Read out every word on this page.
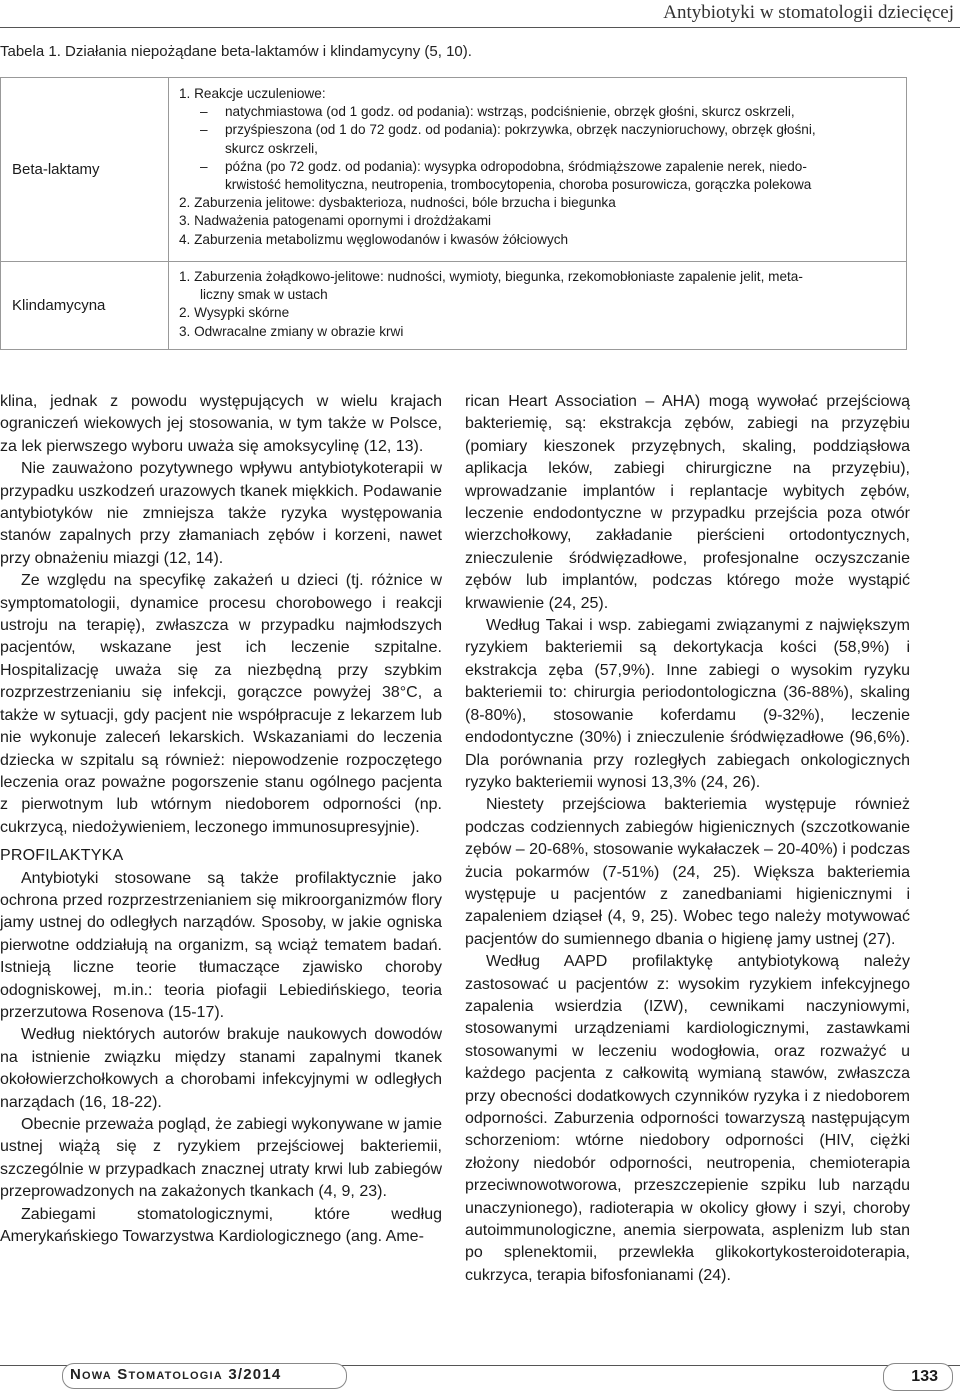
Antybiotyki w stomatologii dziecięcej
Tabela 1. Działania niepożądane beta-laktamów i klindamycyny (5, 10).
Beta-laktamy
1. Reakcje uczuleniowe:
– natychmiastowa (od 1 godz. od podania): wstrząs, podciśnienie, obrzęk głośni, skurcz oskrzeli,
– przyśpieszona (od 1 do 72 godz. od podania): pokrzywka, obrzęk naczynioruchowy, obrzęk głośni,
skurcz oskrzeli,
– późna (po 72 godz. od podania): wysypka odropodobna, śródmiąższowe zapalenie nerek, niedo-
krwistość hemolityczna, neutropenia, trombocytopenia, choroba posurowicza, gorączka polekowa
2. Zaburzenia jelitowe: dysbakterioza, nudności, bóle brzucha i biegunka
3. Nadważenia patogenami opornymi i drożdżakami
4. Zaburzenia metabolizmu węglowodanów i kwasów żółciowych
Klindamycyna
1. Zaburzenia żołądkowo-jelitowe: nudności, wymioty, biegunka, rzekomobłoniaste zapalenie jelit, meta-
liczny smak w ustach
2. Wysypki skórne
3. Odwracalne zmiany w obrazie krwi

klina, jednak z powodu występujących w wielu krajach ograniczeń wiekowych jej stosowania, w tym także w Polsce, za lek pierwszego wyboru uważa się amoksycylinę (12, 13).

Nie zauważono pozytywnego wpływu antybiotykoterapii w przypadku uszkodzeń urazowych tkanek miękkich. Podawanie antybiotyków nie zmniejsza także ryzyka występowania stanów zapalnych przy złamaniach zębów i korzeni, nawet przy obnażeniu miazgi (12, 14).

Ze względu na specyfikę zakażeń u dzieci (tj. różnice w symptomatologii, dynamice procesu chorobowego i reakcji ustroju na terapię), zwłaszcza w przypadku najmłodszych pacjentów, wskazane jest ich leczenie szpitalne. Hospitalizację uważa się za niezbędną przy szybkim rozprzestrzenianiu się infekcji, gorączce powyżej 38°C, a także w sytuacji, gdy pacjent nie współpracuje z lekarzem lub nie wykonuje zaleceń lekarskich. Wskazaniami do leczenia dziecka w szpitalu są również: niepowodzenie rozpoczętego leczenia oraz poważne pogorszenie stanu ogólnego pacjenta z pierwotnym lub wtórnym niedoborem odporności (np. cukrzycą, niedożywieniem, leczonego immunosupresyjnie).

PROFILAKTYKA

Antybiotyki stosowane są także profilaktycznie jako ochrona przed rozprzestrzenianiem się mikroorganizmów flory jamy ustnej do odległych narządów. Sposoby, w jakie ogniska pierwotne oddziałują na organizm, są wciąż tematem badań. Istnieją liczne teorie tłumaczące zjawisko choroby odogniskowej, m.in.: teoria piofagii Lebiedińskiego, teoria przerzutowa Rosenova (15-17).

Według niektórych autorów brakuje naukowych dowodów na istnienie związku między stanami zapalnymi tkanek okołowierzchołkowych a chorobami infekcyjnymi w odległych narządach (16, 18-22).

Obecnie przeważa pogląd, że zabiegi wykonywane w jamie ustnej wiążą się z ryzykiem przejściowej bakteriemii, szczególnie w przypadkach znacznej utraty krwi lub zabiegów przeprowadzonych na zakażonych tkankach (4, 9, 23).

Zabiegami stomatologicznymi, które według Amerykańskiego Towarzystwa Kardiologicznego (ang. Ame-

rican Heart Association – AHA) mogą wywołać przejściową bakteriemię, są: ekstrakcja zębów, zabiegi na przyzębiu (pomiary kieszonek przyzębnych, skaling, poddziąsłowa aplikacja leków, zabiegi chirurgiczne na przyzębiu), wprowadzanie implantów i replantacje wybitych zębów, leczenie endodontyczne w przypadku przejścia poza otwór wierzchołkowy, zakładanie pierścieni ortodontycznych, znieczulenie śródwięzadłowe, profesjonalne oczyszczanie zębów lub implantów, podczas którego może wystąpić krwawienie (24, 25).

Według Takai i wsp. zabiegami związanymi z największym ryzykiem bakteriemii są dekortykacja kości (58,9%) i ekstrakcja zęba (57,9%). Inne zabiegi o wysokim ryzyku bakteriemii to: chirurgia periodontologiczna (36-88%), skaling (8-80%), stosowanie koferdamu (9-32%), leczenie endodontyczne (30%) i znieczulenie śródwięzadłowe (96,6%). Dla porównania przy rozległych zabiegach onkologicznych ryzyko bakteriemii wynosi 13,3% (24, 26).

Niestety przejściowa bakteriemia występuje również podczas codziennych zabiegów higienicznych (szczotkowanie zębów – 20-68%, stosowanie wykałaczek – 20-40%) i podczas żucia pokarmów (7-51%) (24, 25). Większa bakteriemia występuje u pacjentów z zanedbaniami higienicznymi i zapaleniem dziąseł (4, 9, 25). Wobec tego należy motywować pacjentów do sumiennego dbania o higienę jamy ustnej (27).

Według AAPD profilaktykę antybiotykową należy zastosować u pacjentów z: wysokim ryzykiem infekcyjnego zapalenia wsierdzia (IZW), cewnikami naczyniowymi, stosowanymi urządzeniami kardiologicznymi, zastawkami stosowanymi w leczeniu wodogłowia, oraz rozważyć u każdego pacjenta z całkowitą wymianą stawów, zwłaszcza przy obecności dodatkowych czynników ryzyka i z niedoborem odporności. Zaburzenia odporności towarzyszą następującym schorzeniom: wtórne niedobory odporności (HIV, ciężki złożony niedobór odporności, neutropenia, chemioterapia przeciwnowotworowa, przeszczepienie szpiku lub narządu unaczynionego), radioterapia w okolicy głowy i szyi, choroby autoimmunologiczne, anemia sierpowata, asplenizm lub stan po splenektomii, przewlekła glikokortykosteroidoterapia, cukrzyca, terapia bifosfonianami (24).

Nowa Stomatologia 3/2014	133
